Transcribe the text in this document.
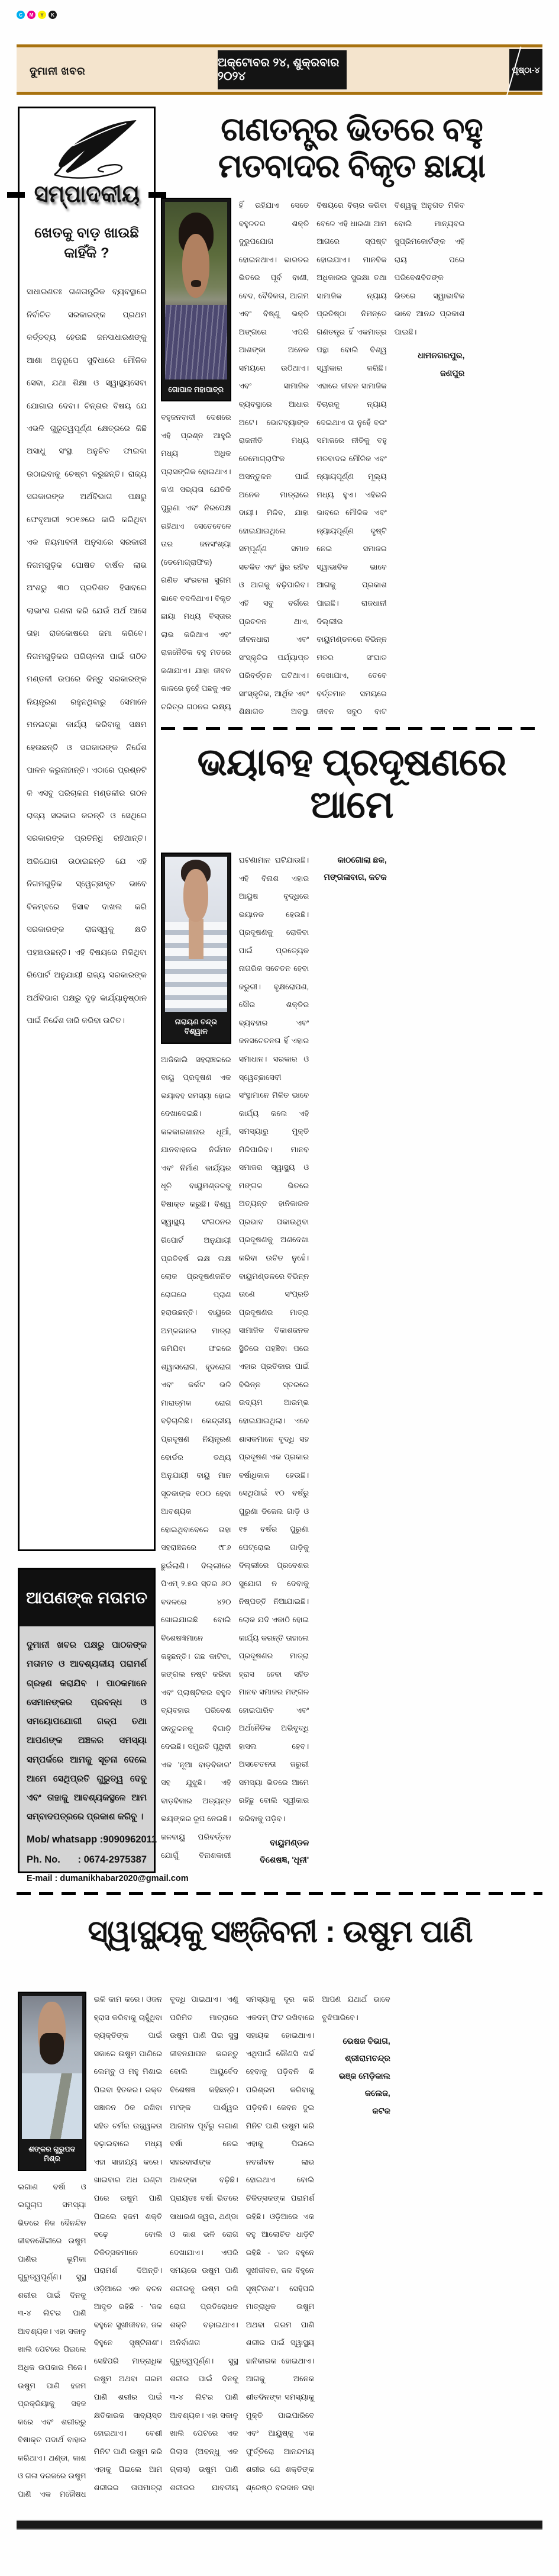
C	M	Y	K
ଦୁମାନୀ ଖବର
ଅକ୍ଟୋବର ୨୪, ଶୁକ୍ରବାର ୨୦୨୪
ପୃଷ୍ଠା-୪
ସମ୍ପାଦକୀୟ
ଖେତକୁ ବାଡ଼ ଖାଉଛି କାହିଁକି ?
ସାଧାରଣତଃ ଗଣତାନ୍ତ୍ରିକ ବ୍ୟବସ୍ଥାରେ ନିର୍ବାଚିତ ସରକାରଙ୍କ ପ୍ରଥମ କର୍ତ୍ତବ୍ୟ ହେଉଛି ଜନସାଧାରଣଙ୍କୁ ଆଶା ଅନୁରୂପେ ସୁବିଧାରେ ମୌଳିକ ସେବା, ଯଥା ଶିକ୍ଷା ଓ ସ୍ୱାସ୍ଥ୍ୟସେବା ଯୋଗାଇ ଦେବା। ଚିନ୍ତାର ବିଷୟ ଯେ ଏଭଳି ଗୁରୁତ୍ୱପୂର୍ଣ୍ଣ କ୍ଷେତ୍ରରେ କିଛି ଅସାଧୁ ସଂସ୍ଥା ଅନୁଚିତ ଫାଇଦା ଉଠାଇବାକୁ ଚେଷ୍ଟା କରୁଛନ୍ତି। ରାଜ୍ୟ ସରକାରଙ୍କ ଅର୍ଥବିଭାଗ ପକ୍ଷରୁ ଫେବୃଆରୀ ୨୦୧୬ରେ ଜାରି କରିଥିବା ଏକ ନିୟମାବଳୀ ଅନୁସାରେ ସରକାରୀ ନିଗମଗୁଡ଼ିକ ଘୋଷିତ ବାର୍ଷିକ ଲାଭ ଅଂଶରୁ ୩୦ ପ୍ରତିଶତ ହିସାବରେ ଲାଭାଂଶ ଗଣନା କରି ଯେଉଁ ଅର୍ଥ ଆସେ ତାହା ରାଜକୋଷରେ ଜମା କରିବେ। ନିଗମଗୁଡ଼ିକର ପରିଚାଳନା ପାଇଁ ଗଠିତ ମଣ୍ଡଳୀ ଉପରେ କିନ୍ତୁ ସରକାରଙ୍କ ନିୟନ୍ତ୍ରଣ ରହୁନଥିବାରୁ ସେମାନେ ମନଇଚ୍ଛା କାର୍ଯ୍ୟ କରିବାକୁ ସକ୍ଷମ ହେଉଛନ୍ତି ଓ ସରକାରଙ୍କ ନିର୍ଦ୍ଦେଶ ପାଳନ କରୁନାହାନ୍ତି। ଏଠାରେ ପ୍ରଶ୍ନଟି କି ଏସବୁ ପରିଚାଳନା ମଣ୍ଡଳୀର ଗଠନ ରାଜ୍ୟ ସରକାର କରନ୍ତି ଓ ସେଥିରେ ସରକାରଙ୍କ ପ୍ରତିନିଧି ରହିଥାନ୍ତି। ଅଭିଯୋଗ ଉଠାଇଛନ୍ତି ଯେ ଏହି ନିଗମଗୁଡ଼ିକ ସ୍ୱେଚ୍ଛାକୃତ ଭାବେ ବିଳମ୍ବରେ ହିସାବ ଦାଖଲ କରି ସରକାରଙ୍କ ରାଜସ୍ୱକୁ କ୍ଷତି ପହଞ୍ଚାଉଛନ୍ତି। ଏହି ବିଷୟରେ ମିଳିଥିବା ରିପୋର୍ଟ ଅନୁଯାୟୀ ରାଜ୍ୟ ସରକାରଙ୍କ ଅର୍ଥବିଭାଗ ପକ୍ଷରୁ ଦୃଢ଼ କାର୍ଯ୍ୟାନୁଷ୍ଠାନ ପାଇଁ ନିର୍ଦ୍ଦେଶ ଜାରି କରିବା ଉଚିତ।
ଆପଣଙ୍କ ମତାମତ
ଦୁମାନୀ ଖବର ପକ୍ଷରୁ ପାଠକଙ୍କ ମତାମତ ଓ ଆବଶ୍ୟକୀୟ ପରାମର୍ଶ ଗ୍ରହଣ କରାଯିବ । ପାଠକମାନେ ସେମାନଙ୍କର ପ୍ରବନ୍ଧ ଓ ସମୟୋପଯୋଗୀ ଗଳ୍ପ ତଥା ଆପଣଙ୍କ ଅଞ୍ଚଳର ସମସ୍ୟା ସମ୍ପର୍କରେ ଆମକୁ ସୂଚନା ଦେଲେ ଆମେ ସେଥିପ୍ରତି ଗୁରୁତ୍ୱ ଦେବୁ ଏବଂ ତାହାକୁ ଆବଶ୍ୟକସ୍ଥଳେ ଆମ ସମ୍ବାଦପତ୍ରରେ ପ୍ରକାଶ କରିବୁ ।
Mob/ whatsapp : 9090962011
Ph. No. : 0674-2975387
E-mail : dumanikhabar2020@gmail.com
ଗଣତନ୍ତ୍ର ଭିତରେ ବହୁ ମତବାଦର ବିକୃତ ଛାୟା
ଗୋପାଳ ମହାପାତ୍ର
ବହୁଜନବାଦୀ ଦେଶରେ ଏହି ପ୍ରଶ୍ନ ଆହୁରି ମଧ୍ୟ ଅଧିକ ପ୍ରାସଙ୍ଗିକ ହୋଇଥାଏ। କ'ଣ ସଭ୍ୟତା ଯେତିକି ପୁରୁଣା ଏବଂ ନିରପେକ୍ଷ ରହିଥାଏ ସେତେବେଳେ ତାର ଜନସଂଖ୍ୟା (ଡେମୋଗ୍ରାଫିକ) ଗଣିତ ସଂରଚନା ସୁଗମ ଭାବେ ବଦଳିଥାଏ। ବିକୃତ ଛାୟା ମଧ୍ୟ ବିସ୍ତାର ଲାଭ କରିଥାଏ ଏବଂ ରାଜନୈତିକ ବହୁ ମତରେ ଜଣାଯାଏ। ଯାହା ଜୀବନ କାଳରେ ନୁହେଁ ପଛକୁ ଏକ ଚରିତ୍ର ଗଠନର ଲକ୍ଷ୍ୟ ହିଁ ରହିଯାଏ ସେତେ ବହୁଳତର ଶକ୍ତି ଦୁରୁପଯୋଗ ହୋଇନଥାଏ। ଭାରତର ଭିତରେ ପୂର୍ବ ବାଣୀ, ବେଦ, ବୈଦିକତା, ଆଗମ ଏବଂ ବିଷ୍ଣୁ ଭକ୍ତି ଅଙ୍ଗରେ ଏପରି ଆଶଙ୍କା ଅନେକ ସମୟରେ ଉଠିଥାଏ। ଏବଂ ସାମାଜିକ ବ୍ୟବସ୍ଥାରେ ଆଧାର ଅଟେ। ଭୋଟବ୍ୟାଙ୍କ ରାଜନୀତି ମଧ୍ୟ ଡେମୋଗ୍ରାଫିକ ଅସନ୍ତୁଳନ ପାଇଁ ଅନେକ ମାତ୍ରାରେ ଦାୟୀ। ମିଳିବ, ଯାହା ହୋଇଯାଇଥିଲେ ସମ୍ପୂର୍ଣ୍ଣ ସମାଜ ସଚକିତ ଏବଂ ସ୍ଥିର ରହିବ ଓ ଆଗକୁ ବଢ଼ିପାରିବ। ଏହି ସବୁ ବର୍ଗରେ ପ୍ରଚଳନ ଥାଏ, ଜୀବନଧାରା ଏବଂ ସଂସ୍କୃତିର ପର୍ଯ୍ୟାପ୍ତ ପରିବର୍ତ୍ତନ ଘଟିଥାଏ। ସାଂସ୍କୃତିକ, ଆର୍ଥିକ ଏବଂ ଶିକ୍ଷାଗତ ଅବସ୍ଥା ବିଷୟରେ ବିଚାର କରିବା ବେଳେ ଏହି ଧାରଣା ଆମ ଆଗରେ ସ୍ପଷ୍ଟ ହୋଇଯାଏ। ମାନବିକ ଅଧିକାରର ସୁରକ୍ଷା ତଥା ସାମାଜିକ ନ୍ୟାୟ ପ୍ରତିଷ୍ଠା ନିମନ୍ତେ ଗଣତନ୍ତ୍ର ହିଁ ଏକମାତ୍ର ପନ୍ଥା ବୋଲି ବିଶ୍ୱ ସ୍ୱୀକାର କରିଛି। ଏହାରେ ଜୀବନ ସାମାଜିକ ବିଚାରକୁ ନ୍ୟାୟ ଦେଇଥାଏ ତା ନୁହେଁ ବରଂ ସମାଜରେ ନୀତିକୁ ବହୁ ମତବାଦର ମୌଳିକ ଏବଂ ନ୍ୟାୟପୂର୍ଣ୍ଣ ମୂଲ୍ୟ ମଧ୍ୟ ହୁଏ। ଏହିଭଳି ଭାବରେ ମୌଳିକ ଏବଂ ନ୍ୟାୟପୂର୍ଣ୍ଣ ଦୃଷ୍ଟି ନେଇ ସମାଜର ସ୍ୱାଭାବିକ ଭାବେ ଆଗକୁ ପ୍ରକାଶ ପାଇଛି। ରାଜଧାନୀ ଦିଲ୍ଲୀର ବାୟୁମଣ୍ଡଳରେ ବିଭିନ୍ନ ମତର ସଂଘାତ ଦେଖାଯାଏ, ତେବେ ବର୍ତ୍ତମାନ ସମୟରେ ଜୀବନ ସବୁଠ ବାଟ ବିଶ୍ୱକୁ ଅନୁଗତ ମିଳିବ ବୋଲି ମାନ୍ୟବର ସୁପ୍ରିମକୋର୍ଟଙ୍କ ଏହି ରାୟ ପରେ ପରିବେଶବିତଙ୍କ ଭିତରେ ସ୍ୱାଭାବିକ ଭାବେ ଆନନ୍ଦ ପ୍ରକାଶ ପାଇଛି।
ଧାମନଗରପୁର, ଜଣପୁର
ଭୟାବହ ପ୍ରଦୂଷଣରେ ଆମେ
ନାରାୟଣ ଚନ୍ଦ୍ର ବିଶ୍ୱାଳ
ଆଜିକାଲି ସହରାଞ୍ଚଳରେ ବାୟୁ ପ୍ରଦୂଷଣ ଏକ ଭୟାବହ ସମସ୍ୟା ହୋଇ ଦେଖାଦେଇଛି। କଳକାରଖାନାର ଧୂଆଁ, ଯାନବାହନର ନିର୍ଗମନ ଏବଂ ନିର୍ମାଣ କାର୍ଯ୍ୟର ଧୂଳି ବାୟୁମଣ୍ଡଳକୁ ବିଷାକ୍ତ କରୁଛି। ବିଶ୍ୱ ସ୍ୱାସ୍ଥ୍ୟ ସଂଗଠନର ରିପୋର୍ଟ ଅନୁଯାୟୀ ପ୍ରତିବର୍ଷ ଲକ୍ଷ ଲକ୍ଷ ଲୋକ ପ୍ରଦୂଷଣଜନିତ ରୋଗରେ ପ୍ରାଣ ହରାଉଛନ୍ତି। ବାୟୁରେ ଅମ୍ଳଜାନର ମାତ୍ରା କମିଯିବା ଫଳରେ ଶ୍ୱାସରୋଗ, ହୃଦରୋଗ ଏବଂ କର୍କଟ ଭଳି ମାରାତ୍ମକ ରୋଗ ବଢ଼ିଚାଲିଛି। କେନ୍ଦ୍ରୀୟ ପ୍ରଦୂଷଣ ନିୟନ୍ତ୍ରଣ ବୋର୍ଡର ତଥ୍ୟ ଅନୁଯାୟୀ ବାୟୁ ମାନ ସୂଚକାଙ୍କ ୧୦୦ ହେବା ଆବଶ୍ୟକ ହୋଇଥିବାବେଳେ ତାହା ସହରାଞ୍ଚଳରେ ୯୮୬ ଛୁଇଁଲାଣି। ଦିଲ୍ଲୀରେ ପିଏମ୍ ୨.୫ର ସ୍ତର ୬୦ ବଦଳରେ ୪୨୦ ଖୋଇଯାଇଛି ବୋଲି ବିଶେଷଜ୍ଞମାନେ କହୁଛନ୍ତି। ଗଛ କାଟିବା, ଜଙ୍ଗଲ ନଷ୍ଟ କରିବା ଏବଂ ପ୍ଲାଷ୍ଟିକର ବହୁଳ ବ୍ୟବହାର ପରିବେଶ ସନ୍ତୁଳନକୁ ବିଗାଡ଼ି ଦେଇଛି। ସମ୍ପ୍ରତି ପୃଥିବୀ ଏକ 'ନୂଆ ବାଡ଼ବିକାର' ସହ ଯୁଝୁଛି। ଏହି ବାଡ଼ବିକାର ଅତ୍ୟନ୍ତ ଭୟଙ୍କର ରୂପ ନେଇଛି। ଜଳବାୟୁ ପରିବର୍ତ୍ତନ ଯୋଗୁଁ ବିନାଶକାରୀ ଘଟଣାମାନ ଘଟିଯାଉଛି। ଏହି ବିନାଶ ଏହାର ଆୟୁଷ ବୃଦ୍ଧିରେ ଭୟାନକ ହେଉଛି। ପ୍ରଦୂଷଣକୁ ରୋକିବା ପାଇଁ ପ୍ରତ୍ୟେକ ନାଗରିକ ସଚେତନ ହେବା ଜରୁରୀ। ବୃକ୍ଷରୋପଣ, ସୌର ଶକ୍ତିର ବ୍ୟବହାର ଏବଂ ଜନସଚେତନତା ହିଁ ଏହାର ସମାଧାନ। ସରକାର ଓ ସ୍ୱେଚ୍ଛାସେବୀ ସଂସ୍ଥାମାନେ ମିଳିତ ଭାବେ କାର୍ଯ୍ୟ କଲେ ଏହି ସମସ୍ୟାରୁ ମୁକ୍ତି ମିଳିପାରିବ। ମାନବ ସମାଜର ସ୍ୱାସ୍ଥ୍ୟ ଓ ମଙ୍ଗଳ ଭିତରେ ଅତ୍ୟନ୍ତ ହାନିକାରକ ପ୍ରଭାବ ପକାଉଥିବା ପ୍ରଦୂଷଣକୁ ଅଣଦେଖା କରିବା ଉଚିତ ନୁହେଁ। ବାୟୁମଣ୍ଡଳରେ ବିଭିନ୍ନ ଉଣେ ସଂପ୍ରତି ପ୍ରଦୂଷଣର ମାତ୍ରା ସାମାଜିକ ବିକାଶଜନକ ସ୍ଥିତିରେ ପହଞ୍ଚିବା ପରେ ଏହାର ପ୍ରତିକାର ପାଇଁ ବିଭିନ୍ନ ସ୍ତରରେ ଉଦ୍ୟମ ଆରମ୍ଭ ହୋଇଯାଇଥିଲା। ଏବେ ଶାସକମାନେ ବୃଦ୍ଧି ସହ ପ୍ରଦୂଷଣ ଏକ ପ୍ରକାର ବର୍ଷାଧିକାଳ ହେଉଛି। ସେଥିପାଇଁ ୧୦ ବର୍ଷରୁ ପୁରୁଣା ଡିଜେଲ ଗାଡ଼ି ଓ ୧୫ ବର୍ଷର ପୁରୁଣା ପେଟ୍ରୋଲ ଗାଡ଼ିକୁ ଦିଲ୍ଲୀରେ ପ୍ରବେଶର ସୁଯୋଗ ନ ଦେବାକୁ ନିଷ୍ପତ୍ତି ନିଆଯାଇଛି। ଲୋକ ଯଦି ଏକାଠି ହୋଇ କାର୍ଯ୍ୟ କରନ୍ତି ତାହାଲେ ପ୍ରଦୂଷଣର ମାତ୍ରା ହ୍ରାସ ହେବା ସହିତ ମାନବ ସମାଜର ମଙ୍ଗଳ ହୋଇପାରିବ ଏବଂ ଅର୍ଥନୈତିକ ଅଭିବୃଦ୍ଧି ହାସଲ ହେବ। ଅସଚେତନତା ଜରୁରୀ ସମସ୍ୟା ଭିତରେ ଆମେ ରହିଛୁ ବୋଲି ସ୍ୱୀକାର କରିବାକୁ ପଡ଼ିବ।
ବାୟୁମଣ୍ଡଳ ବିଶେଷଜ୍ଞ, 'ଧୂନୀ'
କାଠଗୋଲା ଛକ,
ମଙ୍ଗଳାବାଗ, କଟକ
ସ୍ୱାସ୍ଥ୍ୟକୁ ସଞ୍ଜିବନୀ : ଉଷୁମ ପାଣି
ଶଙ୍କର ଗୁରୁପଦ ମିଶ୍ର
ଲଗାଣ ବର୍ଷା ଓ ଲଘୁଚାପ ସମସ୍ୟା ଭିତରେ ନିଜ ଦୈନନ୍ଦିନ ଜୀବନଶୈଳୀରେ ଉଷୁମ ପାଣିର ଭୂମିକା ଗୁରୁତ୍ୱପୂର୍ଣ୍ଣ। ସୁସ୍ଥ ଶରୀର ପାଇଁ ଦିନକୁ ୩-୪ ଲିଟର ପାଣି ଆବଶ୍ୟକ। ଏହା ସକାଳୁ ଖାଲି ପେଟରେ ପିଇଲେ ଅଧିକ ଉପକାର ମିଳେ। ଉଷୁମ ପାଣି ହଜମ ପ୍ରକ୍ରିୟାକୁ ସହଜ କରେ ଏବଂ ଶରୀରରୁ ବିଷାକ୍ତ ପଦାର୍ଥ ବାହାର କରିଥାଏ। ଥଣ୍ଡା, କାଶ ଓ ଗଳା ଦରଜରେ ଉଷୁମ ପାଣି ଏକ ମହୌଷଧ ଭଳି କାମ କରେ। ଓଜନ ହ୍ରାସ କରିବାକୁ ଚାହୁଁଥିବା ବ୍ୟକ୍ତିଙ୍କ ପାଇଁ ସକାଳେ ଉଷୁମ ପାଣିରେ ଲେମ୍ବୁ ଓ ମହୁ ମିଶାଇ ପିଇବା ହିତକର। ରକ୍ତ ସଞ୍ଚାଳନ ଠିକ ରଖିବା ସହିତ ଚର୍ମର ଉଜ୍ଜ୍ୱଳତା ବଢ଼ାଇବାରେ ମଧ୍ୟ ଏହା ସାହାଯ୍ୟ କରେ। ଖାଇବାର ଅଧ ଘଣ୍ଟା ପରେ ଉଷୁମ ପାଣି ପିଇଲେ ହଜମ ଶକ୍ତି ବଢ଼େ ବୋଲି ଚିକିତ୍ସକମାନେ ପରାମର୍ଶ ଦିଅନ୍ତି। ଓଡ଼ିଆରେ ଏକ ବଚନ ଆଦୃତ ରହିଛି - 'ଜଳ ବହୁନେ ସୁଖୀଜୀବନ, ଜଳ ବିହୁନେ ସୃଷ୍ଟିନାଶ'। ସେହିପରି ମାତ୍ରାଧିକ ଉଷୁମ ଅଥବା ଗରମ ପାଣି ଶରୀର ପାଇଁ କ୍ଷତିକାରକ ସାବ୍ୟସ୍ତ ହୋଇଥାଏ। ବେଶୀ ମିନିଟ ପାଣି ଉଷୁମ କରି ଏହାକୁ ପିଇଲେ ଆମ ଶରୀରର ତାପମାତ୍ରା ବୃଦ୍ଧି ପାଇଥାଏ। ଏଣୁ ପରିମିତ ମାତ୍ରାରେ ଉଷୁମ ପାଣି ପିଇ ସୁସ୍ଥ ଜୀବନଯାପନ କରନ୍ତୁ ବୋଲି ଆୟୁର୍ବେଦ ବିଶେଷଜ୍ଞ କହିଛନ୍ତି। ମା'ଙ୍କ ପାର୍ଶ୍ୱର ଆଗମନ ପୂର୍ବରୁ ଲଗାଣ ବର୍ଷା ନେଇ ସହରବାସୀଙ୍କ ଆଶଙ୍କା ବଢ଼ିଛି। ପ୍ରାୟତଃ ବର୍ଷା ଭିତରେ ସାଧାରଣ ଜ୍ୱର, ଥଣ୍ଡା ଓ କାଶ ଭଳି ରୋଗ ଦେଖାଯାଏ। ଏପରି ସମୟରେ ଉଷୁମ ପାଣି ଶରୀରକୁ ଉଷ୍ମ ରଖି ରୋଗ ପ୍ରତିରୋଧକ ଶକ୍ତି ବଢ଼ାଇଥାଏ। ଅନିର୍ବାଣତା ଗୁରୁତ୍ୱପୂର୍ଣ୍ଣ। ସୁସ୍ଥ ଶରୀର ପାଇଁ ଦିନକୁ ୩-୪ ଲିଟର ପାଣି ଆବଶ୍ୟକ। ଏହା ସକାଳୁ ଖାଲି ପେଟରେ ଏକ ଗିଲାସ (ଅବନ୍ଧୁ ଏକ ଗ୍ଲାସ) ଉଷୁମ ପାଣି ଶରୀରର ଯାବତୀୟ ସମସ୍ୟାକୁ ଦୂର କରି ଏକଦମ୍ ଫିଟ ରଖିବାରେ ସହାୟକ ହୋଇଥାଏ। ଏଥିପାଇଁ କୌଣସି ଖର୍ଚ୍ଚ ହେବାକୁ ପଡ଼ିବନି କି ପରିଶ୍ରମ କରିବାକୁ ପଡ଼ିବନି। ଜେବନ ଦୁଇ ମିନିଟ ପାଣି ଉଷୁମ କରି ଏହାକୁ ପିଇଲେ ନବଜୀବନ ଲାଭ ହୋଇଥାଏ ବୋଲି ଚିକିତ୍ସକଙ୍କ ପରାମର୍ଶ ରହିଛି। ଓଡ଼ିଆରେ ଏକ ବହୁ ଆଲୋଚିତ ଧାଡ଼ିଟି ରହିଛି - 'ଜଳ ବହୁନେ ସୁଖୀଜୀବନ, ଜଳ ବିହୁନେ ସୃଷ୍ଟିନାଶ'। ସେହିପରି ମାତ୍ରାଧିକ ଉଷୁମ ଅଥବା ଗରମ ପାଣି ଶରୀର ପାଇଁ ସ୍ୱାସ୍ଥ୍ୟ ହାନିକାରକ ହୋଇଥାଏ। ଆଗକୁ ଅନେକ ଶୀତଦିନଙ୍କ ସମସ୍ୟାକୁ ମୁକ୍ତି ପାଇପାରିବେ ଏବଂ ଆୟୁଷ୍କୁ ଏକ ଫୁର୍ତ୍ତିରୋ ଆନନ୍ଦମୟ ଶରୀର ଯେ ଶକ୍ତିଙ୍କ ଶ୍ରେଷ୍ଠ ବରଦାନ ତାହା ଆପଣ ଯଥାର୍ଥ ଭାବେ ବୁଝିପାରିବେ।
ଭେଷଜ ବିଭାଗ, ଶ୍ରୀରାମଚନ୍ଦ୍ର
ଭଞ୍ଜ ମେଡ଼ିକାଲ କଲେଜ,
କଟକ
